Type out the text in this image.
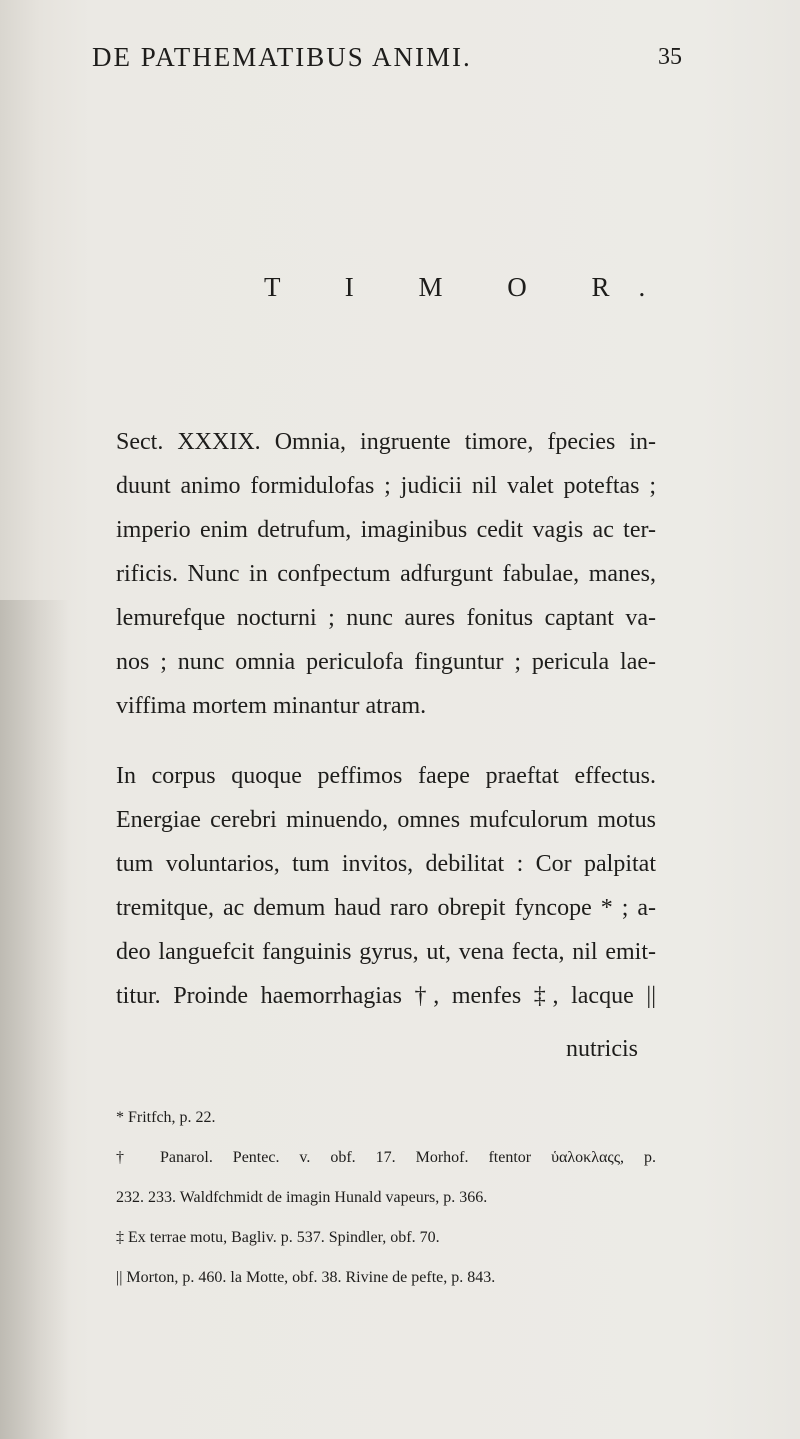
DE PATHEMATIBUS ANIMI.	35
T I M O R.
Sect. XXXIX. Omnia, ingruente timore, fpecies in-
duunt animo formidulofas ; judicii nil valet poteftas ;
imperio enim detrufum, imaginibus cedit vagis ac ter-
rificis. Nunc in confpectum adfurgunt fabulae, manes,
lemurefque nocturni ; nunc aures fonitus captant va-
nos ; nunc omnia periculofa finguntur ; pericula lae-
viffima mortem minantur atram.
In corpus quoque peffimos faepe praeftat effectus.
Energiae cerebri minuendo, omnes mufculorum motus
tum voluntarios, tum invitos, debilitat : Cor palpitat
tremitque, ac demum haud raro obrepit fyncope * ; a-
deo languefcit fanguinis gyrus, ut, vena fecta, nil emit-
titur. Proinde haemorrhagias †, menfes ‡, lacque ||
nutricis
* Fritfch, p. 22.
† Panarol. Pentec. v. obf. 17. Morhof. ftentor ὑαλοκλαςς, p.
232. 233. Waldfchmidt de imagin Hunald vapeurs, p. 366.
‡ Ex terrae motu, Bagliv. p. 537. Spindler, obf. 70.
|| Morton, p. 460. la Motte, obf. 38. Rivine de pefte, p. 843.
